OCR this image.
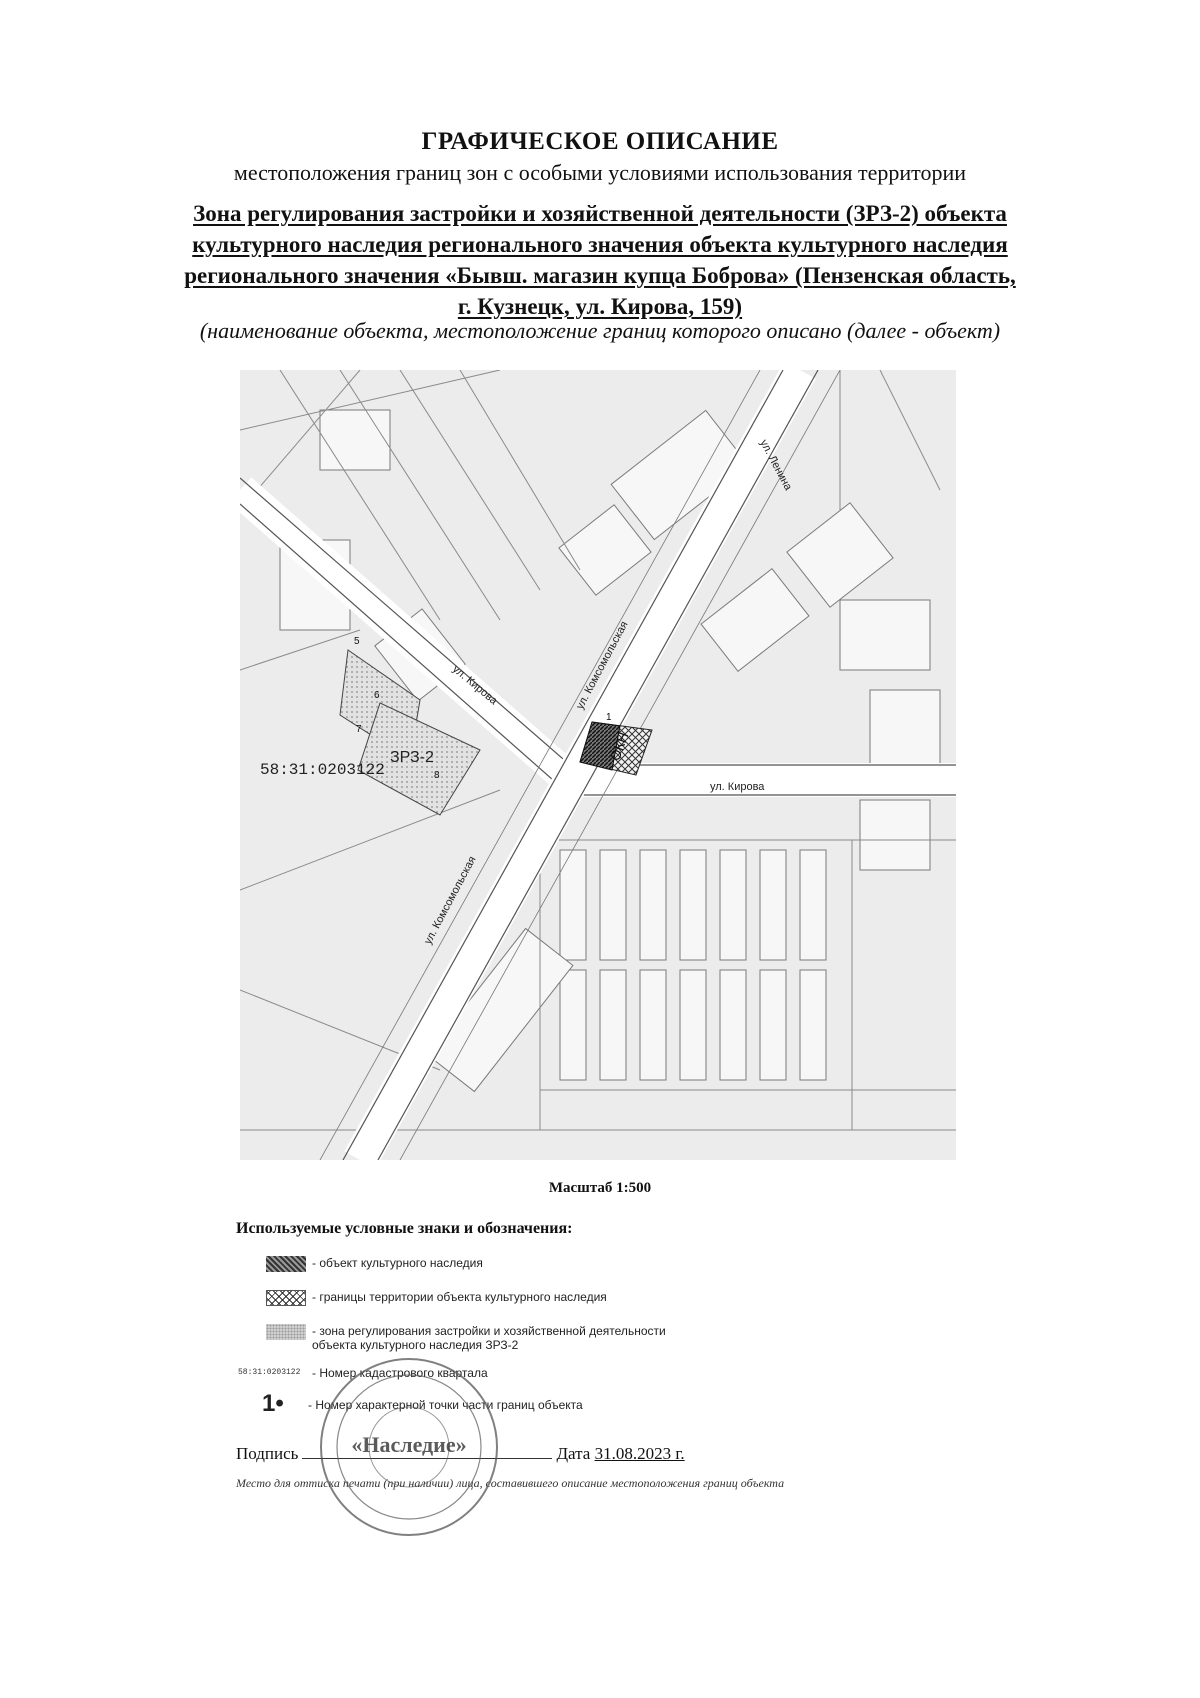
ГРАФИЧЕСКОЕ ОПИСАНИЕ
местоположения границ зон с особыми условиями использования территории
Зона регулирования застройки и хозяйственной деятельности (ЗРЗ-2) объекта
культурного наследия регионального значения объекта культурного наследия
регионального значения «Бывш. магазин купца Боброва» (Пензенская область,
г. Кузнецк, ул. Кирова, 159)
(наименование объекта, местоположение границ которого описано (далее - объект)
ЗРЗ-2	ОКН
ул. Ленина
ул. Кирова
ул. Кирова
ул. Комсомольская
ул. Комсомольская
58:31:0203122
1
5
6
7
8
Масштаб 1:500
Используемые условные знаки и обозначения:
- объект культурного наследия
- границы территории объекта культурного наследия
- зона регулирования застройки и хозяйственной деятельности
объекта культурного наследия ЗРЗ-2
58:31:0203122 - Номер кадастрового квартала
1•	- Номер характерной точки части границ объекта
Подпись	Дата 31.08.2023 г.
Место для оттиска печати (при наличии) лица, составившего описание местоположения границ объекта
«Наследие»
